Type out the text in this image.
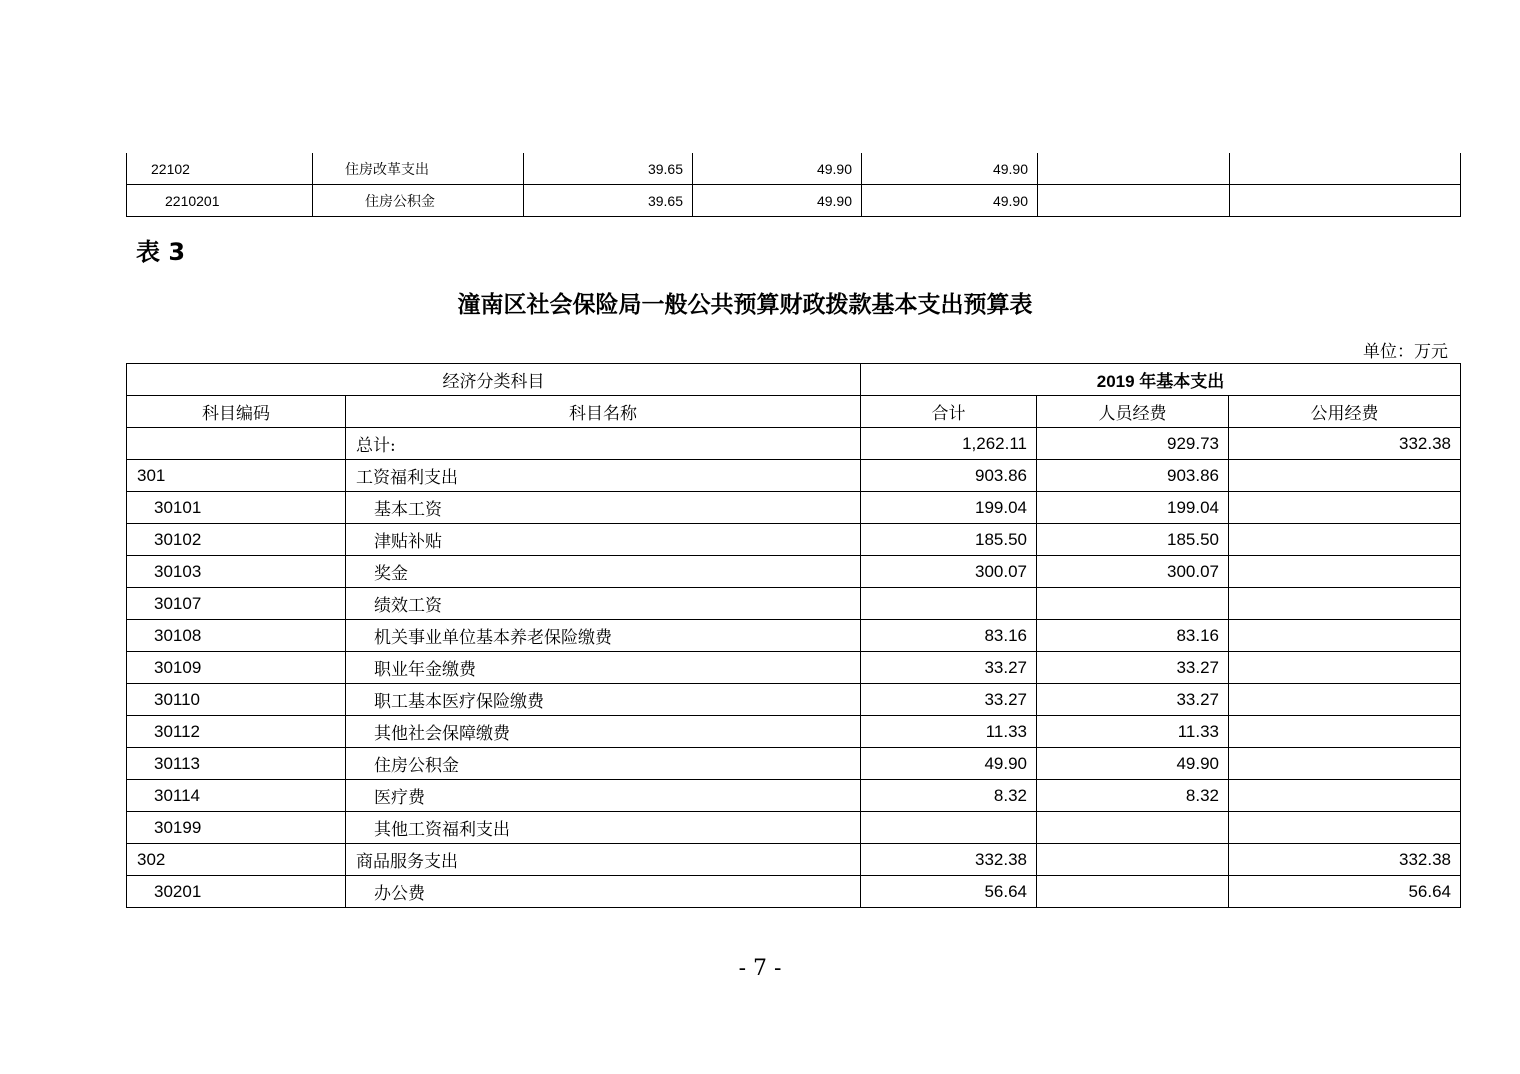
22102	住房改革支出	39.65	49.90	49.90		
2210201	住房公积金	39.65	49.90	49.90		
表 3
潼南区社会保险局一般公共预算财政拨款基本支出预算表
单位：万元
经济分类科目		2019 年基本支出		
科目编码	科目名称	合计	人员经费	公用经费
	总计:	1,262.11	929.73	332.38
301	工资福利支出	903.86	903.86	
30101	基本工资	199.04	199.04	
30102	津贴补贴	185.50	185.50	
30103	奖金	300.07	300.07	
30107	绩效工资			
30108	机关事业单位基本养老保险缴费	83.16	83.16	
30109	职业年金缴费	33.27	33.27	
30110	职工基本医疗保险缴费	33.27	33.27	
30112	其他社会保障缴费	11.33	11.33	
30113	住房公积金	49.90	49.90	
30114	医疗费	8.32	8.32	
30199	其他工资福利支出			
302	商品服务支出	332.38		332.38
30201	办公费	56.64		56.64
- 7 -
